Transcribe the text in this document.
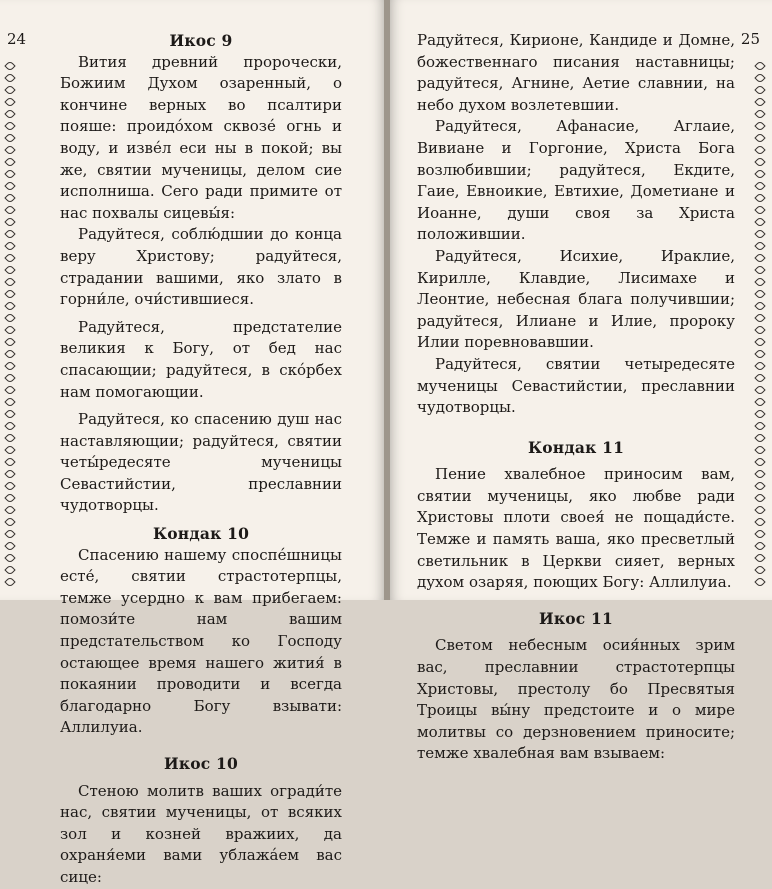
24	Икос 9

Вития древний пророчески, Божиим Духом озаренный, о кончине верных во псалтири пояше: проидóхом сквозé огнь и воду, и извéл еси ны в покой; вы же, святии мученицы, делом сие исполниша. Сего ради примите от нас похвалы сицевы́я:

Радуйтеся, соблю́дшии до конца веру Христову; радуйтеся, страдании вашими, яко злато в горни́ле, очи́стившиеся.

Радуйтеся, предстателие великия к Богу, от бед нас спасающии; радуйтеся, в скóрбех нам помогающии.

Радуйтеся, ко спасению душ нас наставляющии; радуйтеся, святии четы́редесяте мученицы Севастийстии, преславнии чудотворцы.

Кондак 10

Спасению нашему споспéшницы есте́, святии страстотерпцы, темже усердно к вам прибегаем: помози́те нам вашим предстательством ко Господу остающее время нашего жития́ в покаянии проводити и всегда благодарно Богу взывати: Аллилуиа.

Икос 10

Стеною молитв ваших огради́те нас, святии мученицы, от всяких зол и козней вражиих, да охраня́еми вами ублажáем вас сице:

25

Радуйтеся, Кирионе, Кандиде и Домне, божественнаго писания наставницы; радуйтеся, Агнине, Аетие славнии, на небо духом возлетевшии.

Радуйтеся, Афанасие, Аглаие, Вивиане и Горгоние, Христа Бога возлюбившии; радуйтеся, Екдите, Гаие, Евноикие, Евтихие, Дометиане и Иоанне, души своя за Христа положившии.

Радуйтеся, Исихие, Ираклие, Кирилле, Клавдие, Лисимахе и Леонтие, небесная блага получившии; радуйтеся, Илиане и Илие, пророку Илии поревновавшии.

Радуйтеся, святии четыредесяте мученицы Севастийстии, преславнии чудотворцы.

Кондак 11

Пение хвалебное приносим вам, святии мученицы, яко любве ради Христовы плоти своея́ не пощади́сте. Темже и память ваша, яко пресветлый светильник в Церкви сияет, верных духом озаряя, поющих Богу: Аллилуиа.

Икос 11

Светом небесным осия́нных зрим вас, преславнии страстотерпцы Христовы, престолу бо Пресвятыя Троицы вы́ну предстоите и о мире молитвы со дерзновением приносите; темже хвалебная вам взываем:
